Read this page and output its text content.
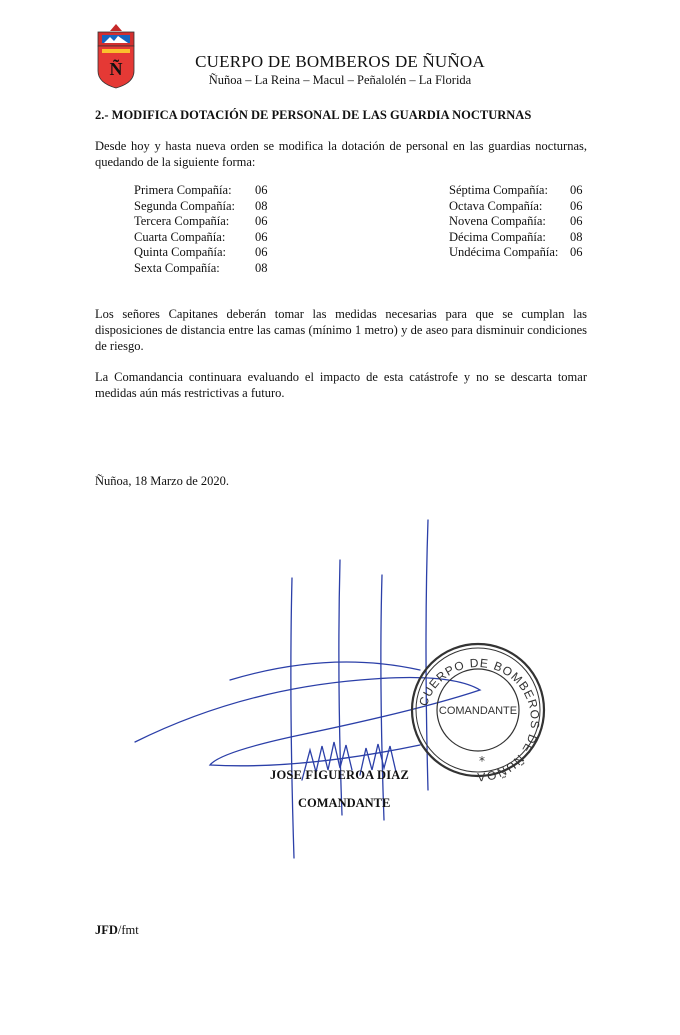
Ñ	CUERPO DE BOMBEROS DE ÑUÑOA
Ñuñoa – La Reina – Macul – Peñalolén – La Florida
2.- MODIFICA DOTACIÓN DE PERSONAL DE LAS GUARDIA NOCTURNAS
Desde hoy y hasta nueva orden se modifica la dotación de personal en las guardias nocturnas, quedando de la siguiente forma:
Primera Compañía: 06
Segunda Compañía: 08
Tercera Compañía: 06
Cuarta Compañía: 06
Quinta Compañía: 06
Sexta Compañía:	08
Séptima Compañía: 06
Octava Compañía: 06
Novena Compañía: 06
Décima Compañía: 08
Undécima Compañía: 06
Los señores Capitanes deberán tomar las medidas necesarias para que se cumplan las disposiciones de distancia entre las camas (mínimo 1 metro) y de aseo para disminuir condiciones de riesgo.
La Comandancia continuara evaluando el impacto de esta catástrofe y no se descarta tomar medidas aún más restrictivas a futuro.
Ñuñoa, 18 Marzo de 2020.
CUERPO DE BOMBEROS DE ÑUÑOA
COMANDANTE
*
JOSE FIGUEROA DIAZ
COMANDANTE
JFD/fmt
